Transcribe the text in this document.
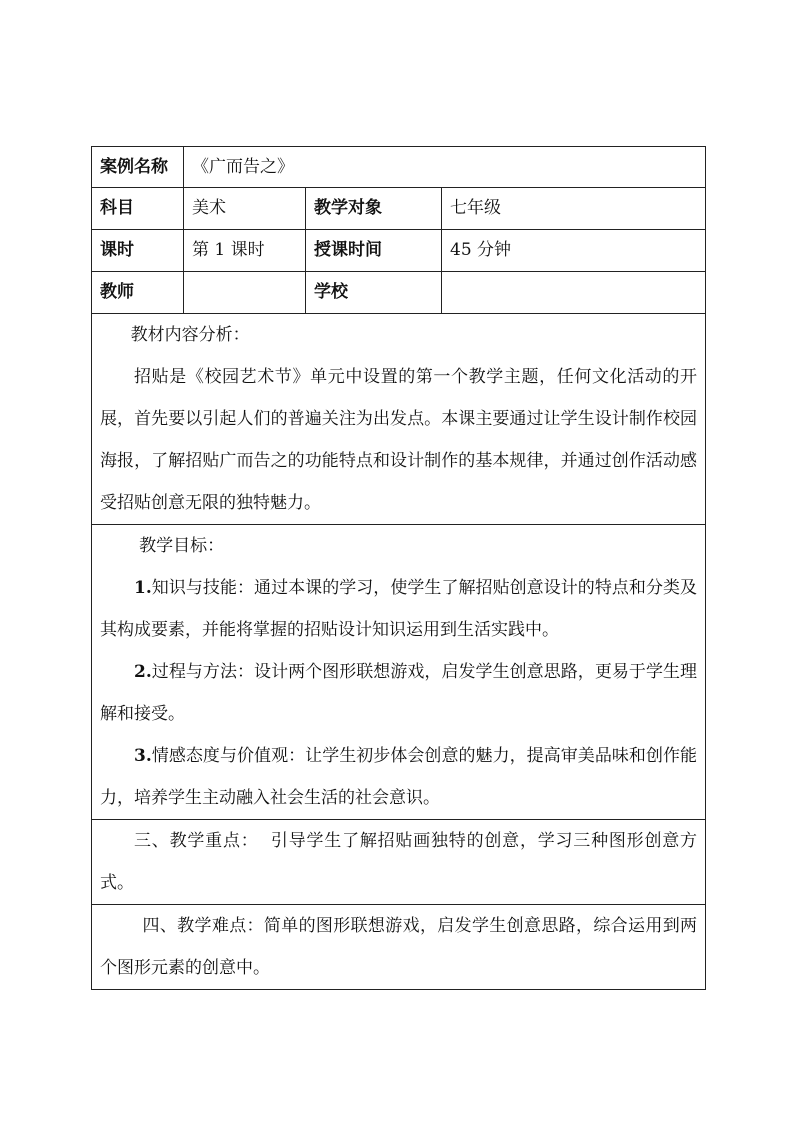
案例名称	《广而告之》		
科目	美术	教学对象	七年级
课时	第 1 课时	授课时间	45 分钟
教师		学校	

教材内容分析：

招贴是《校园艺术节》单元中设置的第一个教学主题，任何文化活动的开展，首先要以引起人们的普遍关注为出发点。本课主要通过让学生设计制作校园海报，了解招贴广而告之的功能特点和设计制作的基本规律，并通过创作活动感受招贴创意无限的独特魅力。			

教学目标：

1.知识与技能：通过本课的学习，使学生了解招贴创意设计的特点和分类及其构成要素，并能将掌握的招贴设计知识运用到生活实践中。

2.过程与方法：设计两个图形联想游戏，启发学生创意思路，更易于学生理解和接受。

3.情感态度与价值观：让学生初步体会创意的魅力，提高审美品味和创作能力，培养学生主动融入社会生活的社会意识。			

三、教学重点：  引导学生了解招贴画独特的创意，学习三种图形创意方式。			

四、教学难点：简单的图形联想游戏，启发学生创意思路，综合运用到两个图形元素的创意中。			
